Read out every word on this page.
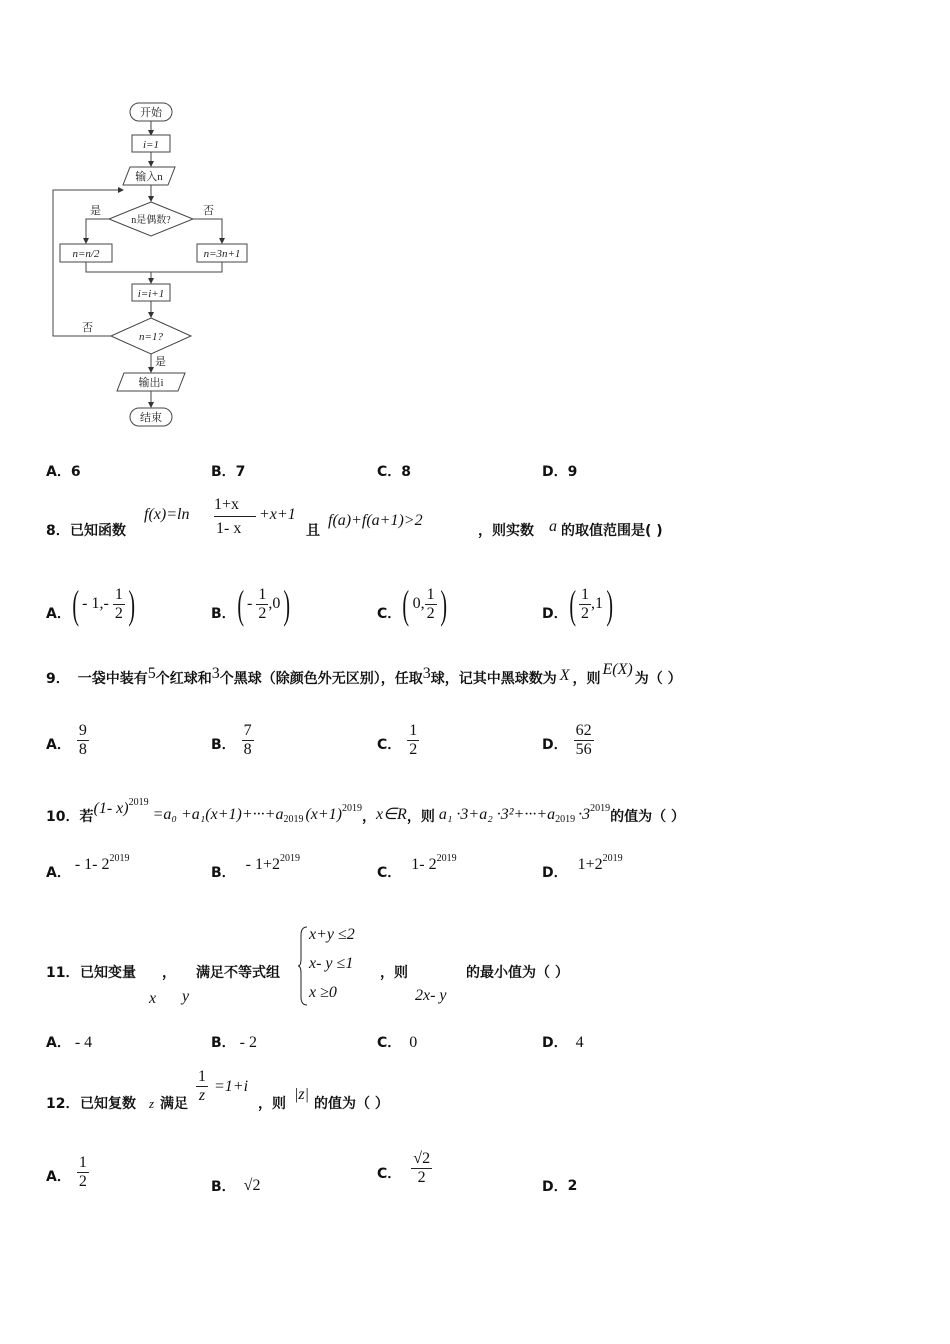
开始
i=1
输入n
n是偶数?
是	否
n=n/2	n=3n+1
i=i+1
n=1?
否
是
输出i
结束
A．6	B．7	C．8	D．9
8． 已知函数
f(x)=ln
1+x
1- x
+x+1
且
f(a)+f(a+1)>2
，则实数 a 的取值范围是( )
A． ( - $1,- \frac{1}{2}$ )	B． ( - $\frac{1}{2} ,0$ )	C． ( 0, $\frac{1}{2}$ )	D． ( $\frac{1}{2} ,1$ )
9． 一袋中装有 5 个红球和 3 个黑球（除颜色外无区别），任取 3 球，记其中黑球数为 X ，则
E(X)
为（ ）
A． $\frac{9}{8}$	B． $\frac{7}{8}$	C． $\frac{1}{2}$	D． $\frac{62}{56}$
10． 若 (1- x) 2019
=a₀ +a₁(x+1)+···+a 2019 (x+1) 2019
， x∈R ，则 a₁ ·3+a₂ ·3²+···+a 2019 ·3 2019
的值为（ ）
A． - 1- 2 2019
B． - 1+2 2019
C． 1- 2 2019
D． 1+2 2019
11． 已知变量 ， 满足不等式组
x y
x+y ≤2
x- y ≤1
x ≥0
，则	的最小值为（ ）
2x- y
A． - 4	B． - 2	C． 0	D． 4
12． 已知复数 z 满足 $\frac{1}{z} =1+i$
，则
|z|
的值为（ ）
A． $\frac{1}{2}$	B． √2
C． $\frac{√2}{2}$
D． 2
